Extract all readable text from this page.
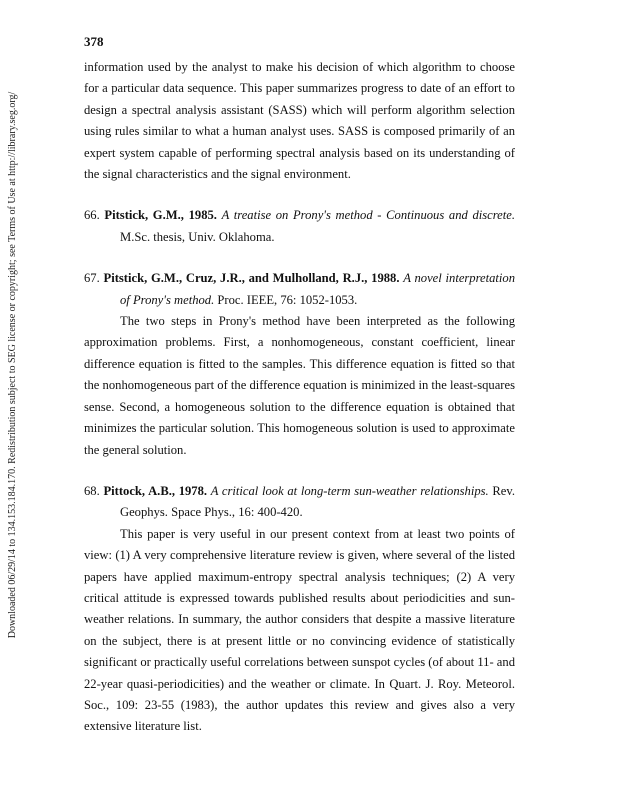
Downloaded 06/29/14 to 134.153.184.170. Redistribution subject to SEG license or copyright; see Terms of Use at http://library.seg.org/
378

information used by the analyst to make his decision of which algorithm to choose for a particular data sequence. This paper summarizes progress to date of an effort to design a spectral analysis assistant (SASS) which will perform algorithm selection using rules similar to what a human analyst uses. SASS is composed primarily of an expert system capable of performing spectral analysis based on its understanding of the signal characteristics and the signal environment.

66. Pitstick, G.M., 1985. A treatise on Prony's method - Continuous and discrete. M.Sc. thesis, Univ. Oklahoma.

67. Pitstick, G.M., Cruz, J.R., and Mulholland, R.J., 1988. A novel interpretation of Prony's method. Proc. IEEE, 76: 1052-1053.

The two steps in Prony's method have been interpreted as the following approximation problems. First, a nonhomogeneous, constant coefficient, linear difference equation is fitted to the samples. This difference equation is fitted so that the nonhomogeneous part of the difference equation is minimized in the least-squares sense. Second, a homogeneous solution to the difference equation is obtained that minimizes the particular solution. This homogeneous solution is used to approximate the general solution.

68. Pittock, A.B., 1978. A critical look at long-term sun-weather relationships. Rev. Geophys. Space Phys., 16: 400-420.

This paper is very useful in our present context from at least two points of view: (1) A very comprehensive literature review is given, where several of the listed papers have applied maximum-entropy spectral analysis techniques; (2) A very critical attitude is expressed towards published results about periodicities and sun-weather relations. In summary, the author considers that despite a massive literature on the subject, there is at present little or no convincing evidence of statistically significant or practically useful correlations between sunspot cycles (of about 11- and 22-year quasi-periodicities) and the weather or climate. In Quart. J. Roy. Meteorol. Soc., 109: 23-55 (1983), the author updates this review and gives also a very extensive literature list.
